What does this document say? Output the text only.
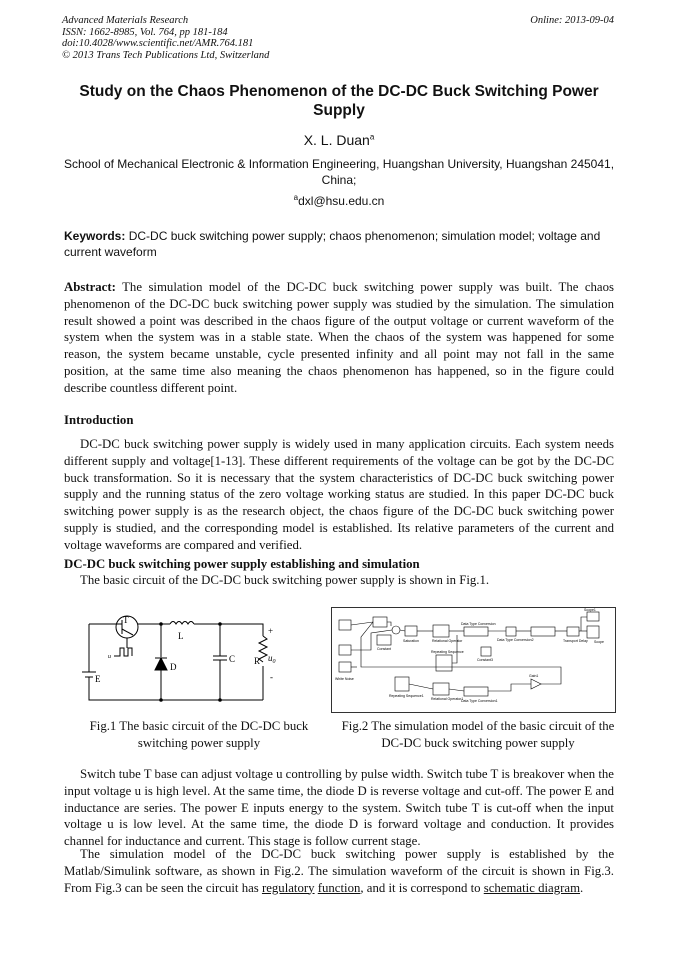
Advanced Materials Research
ISSN: 1662-8985, Vol. 764, pp 181-184
doi:10.4028/www.scientific.net/AMR.764.181
© 2013 Trans Tech Publications Ltd, Switzerland
Online: 2013-09-04
Study on the Chaos Phenomenon of the DC-DC Buck Switching Power Supply
X. L. Duan$^a$
School of Mechanical Electronic & Information Engineering, Huangshan University, Huangshan 245041, China;
$^a$dxl@hsu.edu.cn
Keywords: DC-DC buck switching power supply; chaos phenomenon; simulation model; voltage and current waveform
Abstract: The simulation model of the DC-DC buck switching power supply was built. The chaos phenomenon of the DC-DC buck switching power supply was studied by the simulation. The simulation result showed a point was described in the chaos figure of the output voltage or current waveform of the system when the system was in a stable state. When the chaos of the system was happened for some reason, the system became unstable, cycle presented infinity and all point may not fall in the same position, at the same time also meaning the chaos phenomenon has happened, so in the figure could describe countless different point.
Introduction
DC-DC buck switching power supply is widely used in many application circuits. Each system needs different supply and voltage[1-13]. These different requirements of the voltage can be got by the DC-DC buck transformation. So it is necessary that the system characteristics of DC-DC buck switching power supply and the running status of the zero voltage working status are studied. In this paper DC-DC buck switching power supply is as the research object, the chaos figure of the DC-DC buck switching power supply is studied, and the corresponding model is established. Its relative parameters of the current and voltage waveforms are compared and verified.
DC-DC buck switching power supply establishing and simulation
The basic circuit of the DC-DC buck switching power supply is shown in Fig.1.
T
L
D
C R
E
+
-
$u_0$
u
Relational Operator
Data Type Conversion
Saturation
Constant
Repeating Sequence
Relational Operator1
Data Type Conversion1
Gain1
Transport Delay Scope
Constant3
Data Type Conversion2
White Noise
Repeating Sequence1
Scope1
Fig.1 The basic circuit of the DC-DC buck switching power supply
Fig.2 The simulation model of the basic circuit of the DC-DC buck switching power supply
Switch tube T base can adjust voltage u controlling by pulse width. Switch tube T is breakover when the input voltage u is high level. At the same time, the diode D is reverse voltage and cut-off. The power E and inductance are series. The power E inputs energy to the system. Switch tube T is cut-off when the input voltage u is low level. At the same time, the diode D is forward voltage and conduction. It provides channel for inductance and current. This stage is follow current stage.
The simulation model of the DC-DC buck switching power supply is established by the Matlab/Simulink software, as shown in Fig.2. The simulation waveform of the circuit is shown in Fig.3. From Fig.3 can be seen the circuit has regulatory function, and it is correspond to schematic diagram.
